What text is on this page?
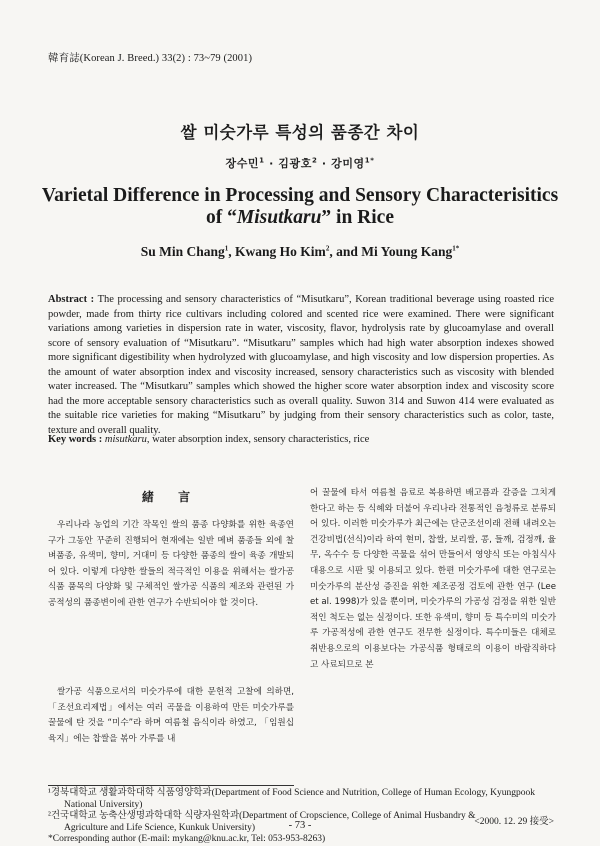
韓育誌(Korean J. Breed.) 33(2) : 73~79 (2001)
쌀 미숫가루 특성의 품종간 차이
장수민$^1$ · 김광호$^2$ · 강미영$^{1*}$
Varietal Difference in Processing and Sensory Characterisitics
of “Misutkaru” in Rice
Su Min Chang$^1$, Kwang Ho Kim$^2$, and Mi Young Kang$^{1*}$
Abstract : The processing and sensory characteristics of “Misutkaru”, Korean traditional beverage using roasted rice powder, made from thirty rice cultivars including colored and scented rice were examined. There were significant variations among varieties in dispersion rate in water, viscosity, flavor, hydrolysis rate by glucoamylase and overall score of sensory evaluation of “Misutkaru”. “Misutkaru” samples which had high water absorption indexes showed more significant digestibility when hydrolyzed with glucoamylase, and high viscosity and low dispersion properties. As the amount of water absorption index and viscosity increased, sensory characteristics such as viscosity with blended water increased. The “Misutkaru” samples which showed the higher score water absorption index and viscosity score had the more acceptable sensory characteristics such as overall quality. Suwon 314 and Suwon 414 were evaluated as the suitable rice varieties for making “Misutkaru” by judging from their sensory characteristics such as color, taste, texture and overall quality.
Key words : misutkaru, water absorption index, sensory characteristics, rice
緒 言

우리나라 농업의 기간 작목인 쌀의 품종 다양화를 위한 육종연구가 그동안 꾸준히 진행되어 현재에는 일반 메벼 품종들 외에 찰벼품종, 유색미, 향미, 거대미 등 다양한 품종의 쌀이 육종 개발되어 있다. 이렇게 다양한 쌀들의 적극적인 이용을 위해서는 쌀가공 식품 품목의 다양화 및 구체적인 쌀가공 식품의 제조와 관련된 가공적성의 품종변이에 관한 연구가 수반되어야 할 것이다.

쌀가공 식품으로서의 미숫가루에 대한 문헌적 고찰에 의하면, 「조선요리제법」에서는 여러 곡물을 이용하여 만든 미숫가루를 꿀물에 탄 것을 “미수”라 하며 여름철 음식이라 하였고, 「임원십육지」에는 찹쌀을 볶아 가루를 내

어 꿀물에 타서 여름철 음료로 복용하면 배고픔과 갈증을 그치게 한다고 하는 등 식혜와 더불어 우리나라 전통적인 음청류로 분류되어 있다. 이러한 미숫가루가 최근에는 단군조선이래 전해 내려오는 건강비법(선식)이라 하여 현미, 찹쌀, 보리쌀, 콩, 들깨, 검정깨, 율무, 옥수수 등 다양한 곡물을 섞어 만들어서 영양식 또는 아침식사 대용으로 시판 및 이용되고 있다. 한편 미숫가루에 대한 연구로는 미숫가루의 분산성 증진을 위한 제조공정 검토에 관한 연구 (Lee et al. 1998)가 있을 뿐이며, 미숫가루의 가공성 검정을 위한 일반적인 척도는 없는 실정이다. 또한 유색미, 향미 등 특수미의 미숫가루 가공적성에 관한 연구도 전무한 실정이다. 특수미들은 대체로 취반용으로의 이용보다는 가공식품 형태로의 이용이 바람직하다고 사료되므로 본

¹경북대학교 생활과학대학 식품영양학과(Department of Food Science and Nutrition, College of Human Ecology, Kyungpook
National University)
²건국대학교 농축산생명과학대학 식량자원학과(Department of Cropscience, College of Animal Husbandry &
Agriculture and Life Science, Kunkuk University)
*Corresponding author (E-mail: mykang@knu.ac.kr, Tel: 053-953-8263)
<2000. 12. 29 接受>
- 73 -
